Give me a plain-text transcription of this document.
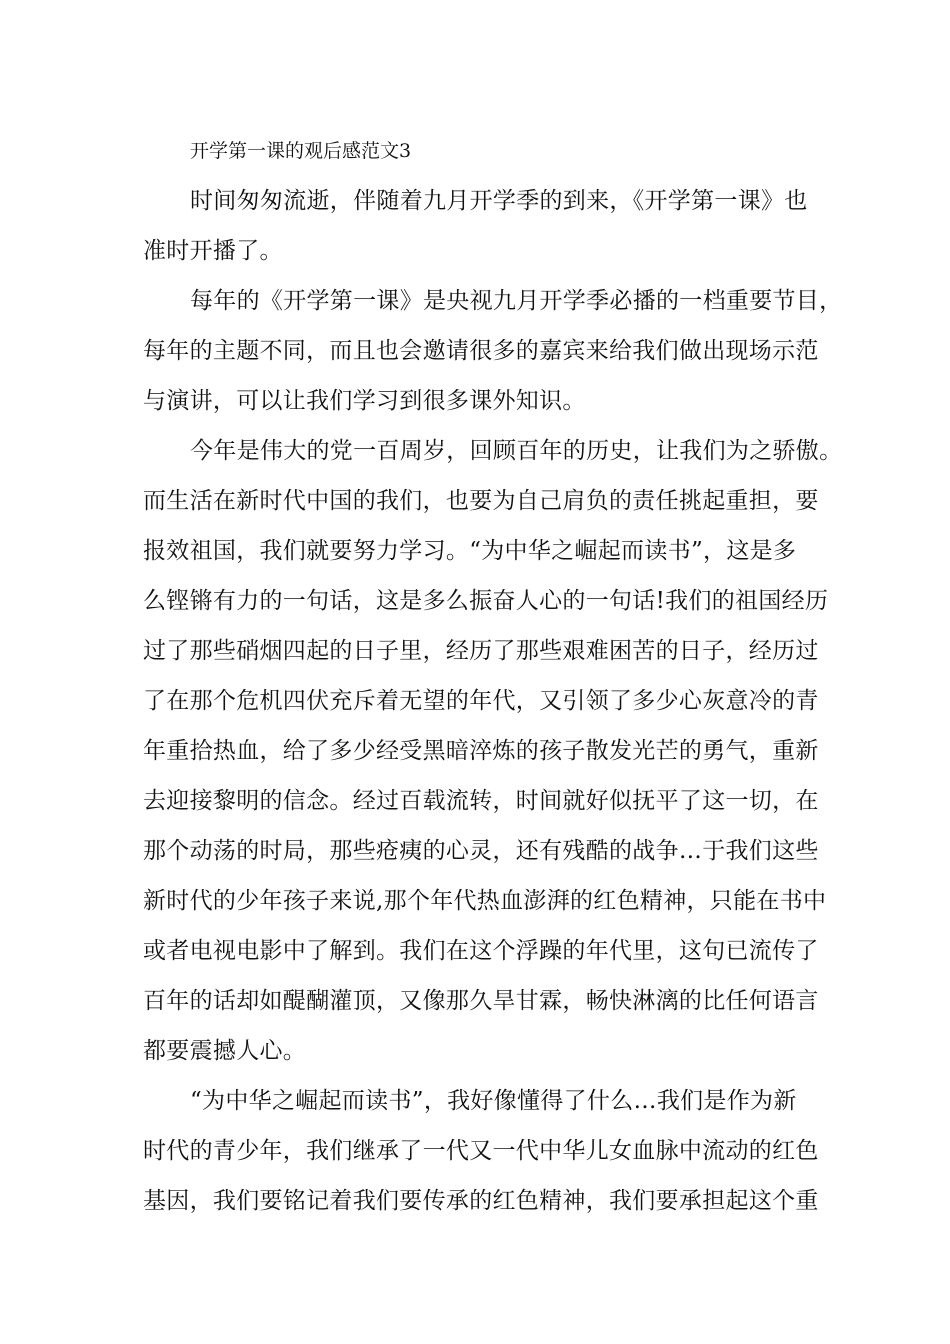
开学第一课的观后感范文3
时间匆匆流逝，伴随着九月开学季的到来，《开学第一课》也
准时开播了。
每年的《开学第一课》是央视九月开学季必播的一档重要节目，
每年的主题不同，而且也会邀请很多的嘉宾来给我们做出现场示范
与演讲，可以让我们学习到很多课外知识。
今年是伟大的党一百周岁，回顾百年的历史，让我们为之骄傲。
而生活在新时代中国的我们，也要为自己肩负的责任挑起重担，要
报效祖国，我们就要努力学习。“为中华之崛起而读书”，这是多
么铿锵有力的一句话，这是多么振奋人心的一句话!我们的祖国经历
过了那些硝烟四起的日子里，经历了那些艰难困苦的日子，经历过
了在那个危机四伏充斥着无望的年代，又引领了多少心灰意冷的青
年重拾热血，给了多少经受黑暗淬炼的孩子散发光芒的勇气，重新
去迎接黎明的信念。经过百载流转，时间就好似抚平了这一切，在
那个动荡的时局，那些疮痍的心灵，还有残酷的战争…于我们这些
新时代的少年孩子来说,那个年代热血澎湃的红色精神，只能在书中
或者电视电影中了解到。我们在这个浮躁的年代里，这句已流传了
百年的话却如醍醐灌顶，又像那久旱甘霖，畅快淋漓的比任何语言
都要震撼人心。
“为中华之崛起而读书”，我好像懂得了什么…我们是作为新
时代的青少年，我们继承了一代又一代中华儿女血脉中流动的红色
基因，我们要铭记着我们要传承的红色精神，我们要承担起这个重
